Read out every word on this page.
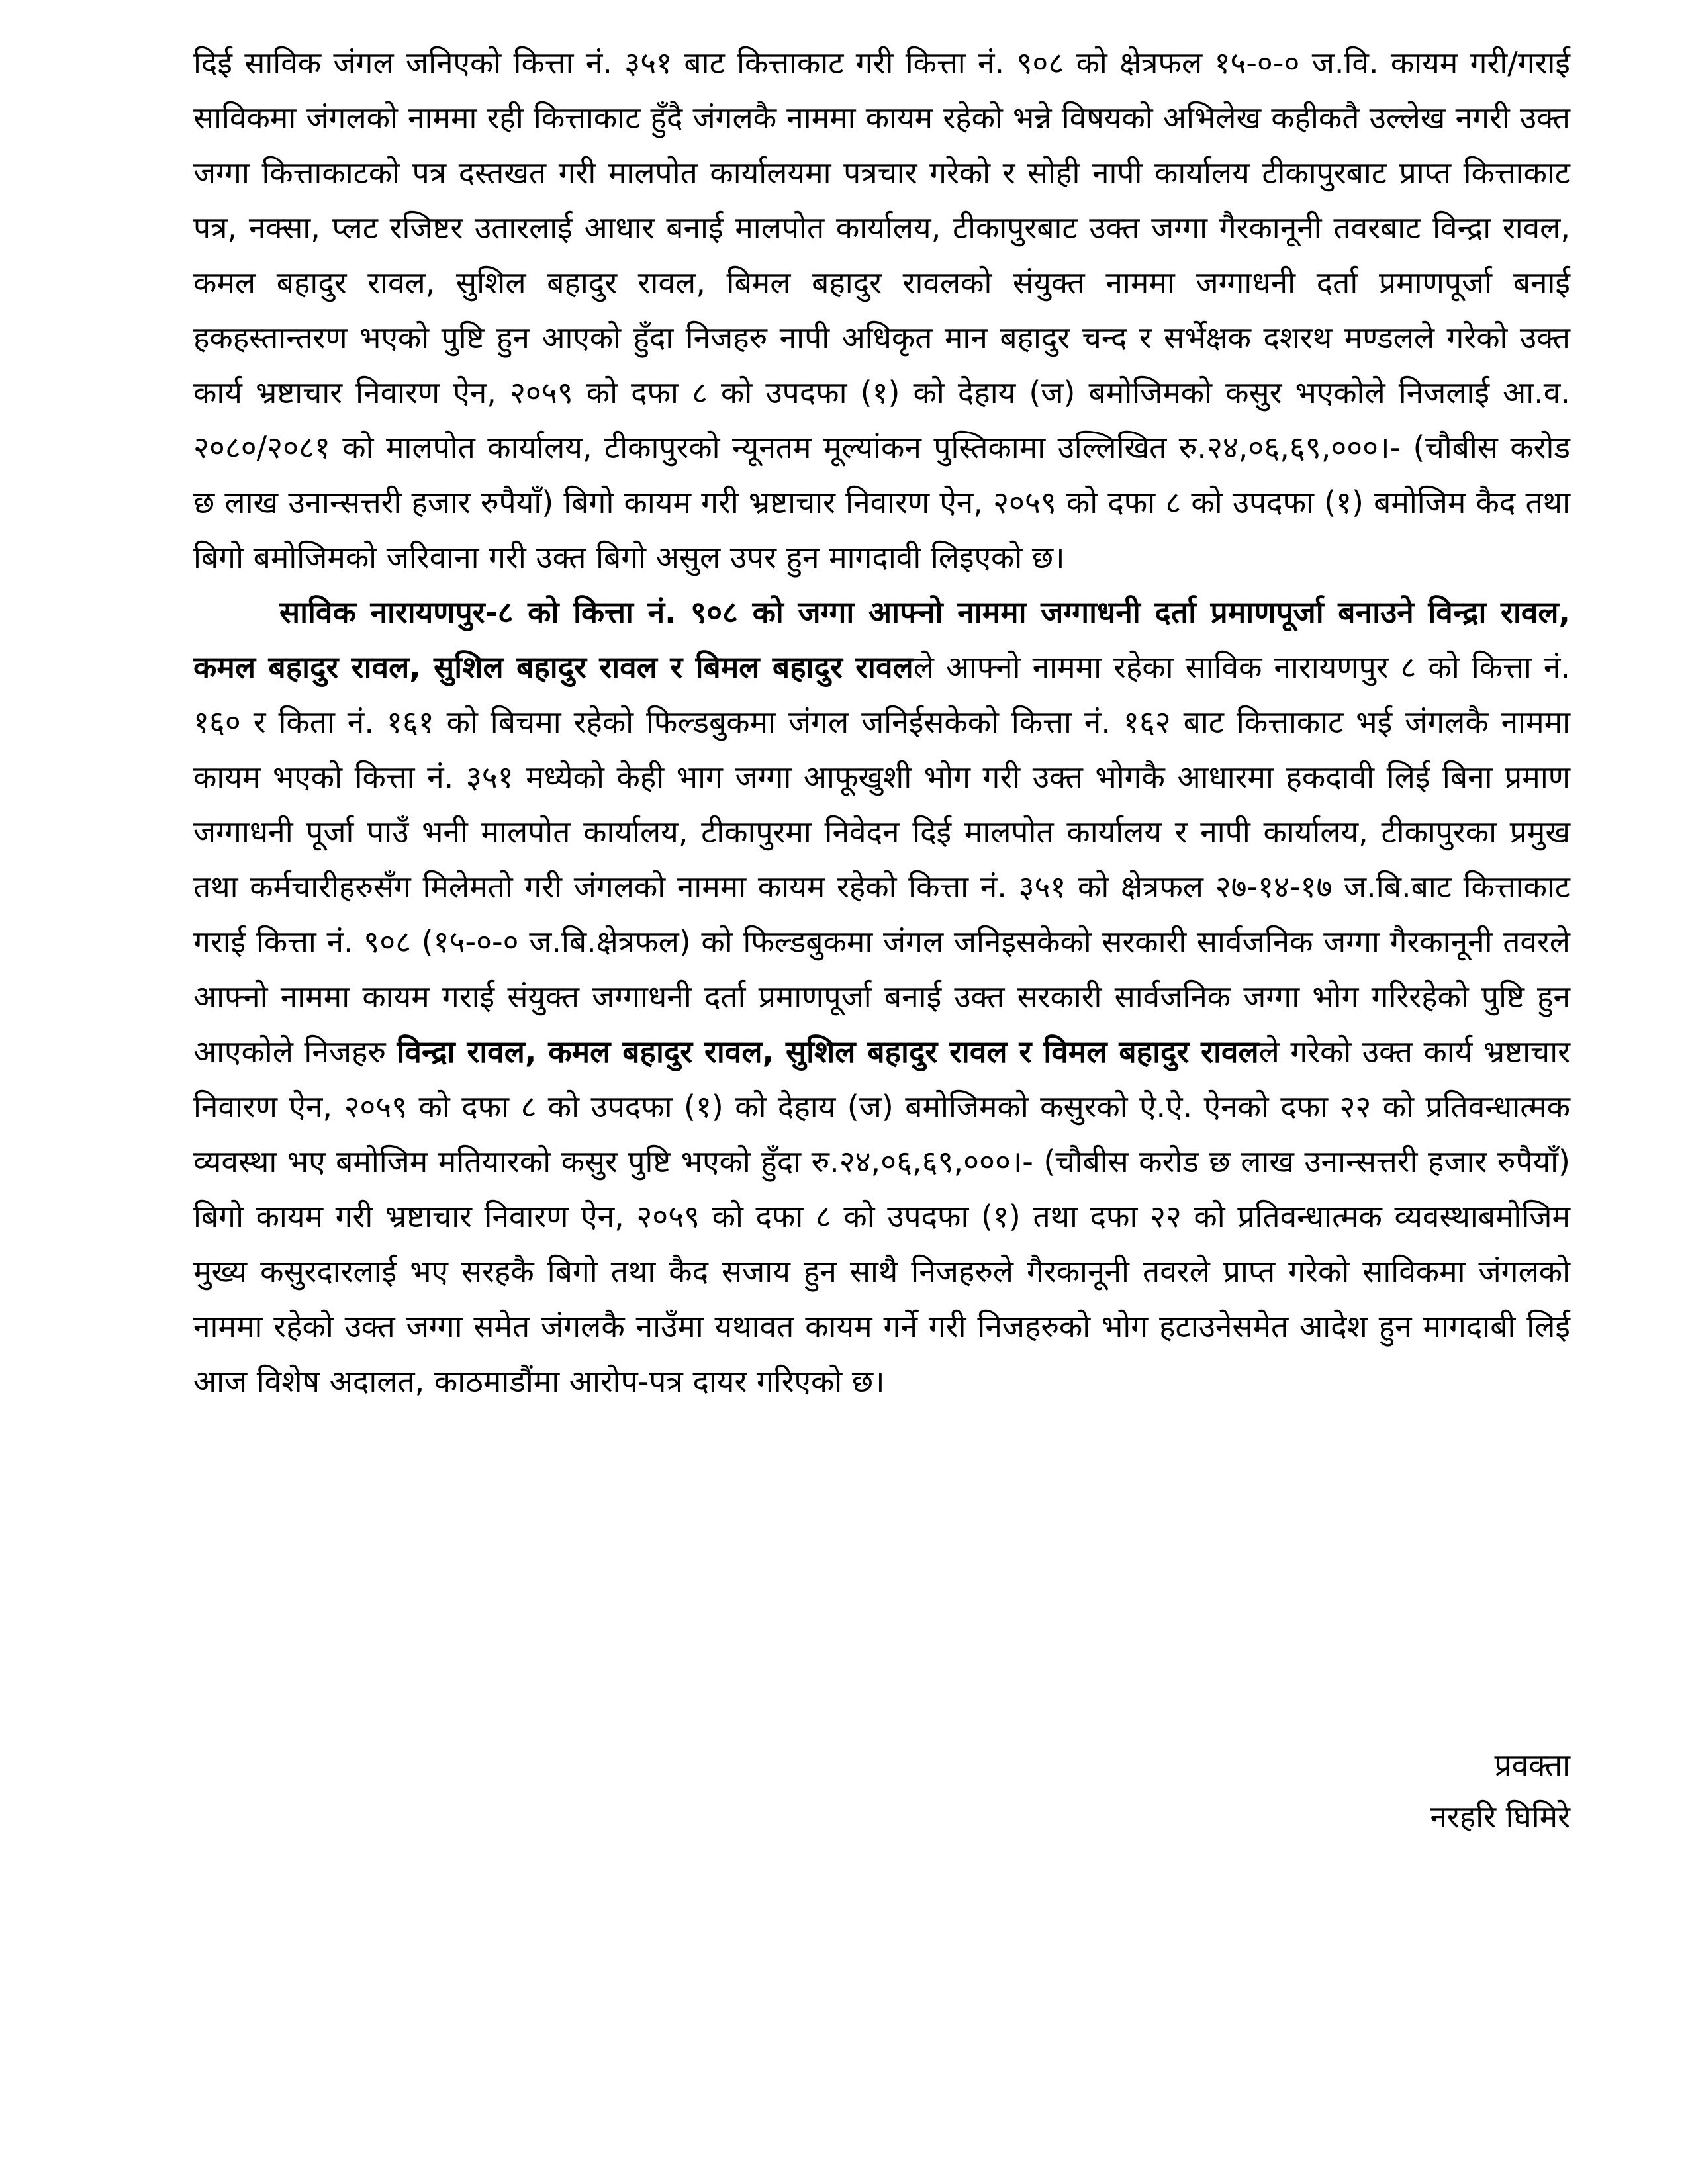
दिई साविक जंगल जनिएको कित्ता नं. ३५१ बाट कित्ताकाट गरी कित्ता नं. ९०८ को क्षेत्रफल १५-०-० ज.वि. कायम गरी/गराई साविकमा जंगलको नाममा रही कित्ताकाट हुँदै जंगलकै नाममा कायम रहेको भन्ने विषयको अभिलेख कहीकतै उल्लेख नगरी उक्त जग्गा कित्ताकाटको पत्र दस्तखत गरी मालपोत कार्यालयमा पत्रचार गरेको र सोही नापी कार्यालय टीकापुरबाट प्राप्त कित्ताकाट पत्र, नक्सा, प्लट रजिष्टर उतारलाई आधार बनाई मालपोत कार्यालय, टीकापुरबाट उक्त जग्गा गैरकानूनी तवरबाट विन्द्रा रावल, कमल बहादुर रावल, सुशिल बहादुर रावल, बिमल बहादुर रावलको संयुक्त नाममा जग्गाधनी दर्ता प्रमाणपूर्जा बनाई हकहस्तान्तरण भएको पुष्टि हुन आएको हुँदा निजहरु नापी अधिकृत मान बहादुर चन्द र सर्भेक्षक दशरथ मण्डलले गरेको उक्त कार्य भ्रष्टाचार निवारण ऐन, २०५९ को दफा ८ को उपदफा (१) को देहाय (ज) बमोजिमको कसुर भएकोले निजलाई आ.व. २०८०/२०८१ को मालपोत कार्यालय, टीकापुरको न्यूनतम मूल्यांकन पुस्तिकामा उल्लिखित रु.२४,०६,६९,०००।- (चौबीस करोड छ लाख उनान्सत्तरी हजार रुपैयाँ) बिगो कायम गरी भ्रष्टाचार निवारण ऐन, २०५९ को दफा ८ को उपदफा (१) बमोजिम कैद तथा बिगो बमोजिमको जरिवाना गरी उक्त बिगो असुल उपर हुन मागदावी लिइएको छ।

साविक नारायणपुर-८ को कित्ता नं. ९०८ को जग्गा आफ्नो नाममा जग्गाधनी दर्ता प्रमाणपूर्जा बनाउने विन्द्रा रावल, कमल बहादुर रावल, सुशिल बहादुर रावल र बिमल बहादुर रावलले आफ्नो नाममा रहेका साविक नारायणपुर ८ को कित्ता नं. १६० र किता नं. १६१ को बिचमा रहेको फिल्डबुकमा जंगल जनिईसकेको कित्ता नं. १६२ बाट कित्ताकाट भई जंगलकै नाममा कायम भएको कित्ता नं. ३५१ मध्येको केही भाग जग्गा आफूखुशी भोग गरी उक्त भोगकै आधारमा हकदावी लिई बिना प्रमाण जग्गाधनी पूर्जा पाउँ भनी मालपोत कार्यालय, टीकापुरमा निवेदन दिई मालपोत कार्यालय र नापी कार्यालय, टीकापुरका प्रमुख तथा कर्मचारीहरुसँग मिलेमतो गरी जंगलको नाममा कायम रहेको कित्ता नं. ३५१ को क्षेत्रफल २७-१४-१७ ज.बि.बाट कित्ताकाट गराई कित्ता नं. ९०८ (१५-०-० ज.बि.क्षेत्रफल) को फिल्डबुकमा जंगल जनिइसकेको सरकारी सार्वजनिक जग्गा गैरकानूनी तवरले आफ्नो नाममा कायम गराई संयुक्त जग्गाधनी दर्ता प्रमाणपूर्जा बनाई उक्त सरकारी सार्वजनिक जग्गा भोग गरिरहेको पुष्टि हुन आएकोले निजहरु विन्द्रा रावल, कमल बहादुर रावल, सुशिल बहादुर रावल र विमल बहादुर रावलले गरेको उक्त कार्य भ्रष्टाचार निवारण ऐन, २०५९ को दफा ८ को उपदफा (१) को देहाय (ज) बमोजिमको कसुरको ऐ.ऐ. ऐनको दफा २२ को प्रतिवन्धात्मक व्यवस्था भए बमोजिम मतियारको कसुर पुष्टि भएको हुँदा रु.२४,०६,६९,०००।- (चौबीस करोड छ लाख उनान्सत्तरी हजार रुपैयाँ) बिगो कायम गरी भ्रष्टाचार निवारण ऐन, २०५९ को दफा ८ को उपदफा (१) तथा दफा २२ को प्रतिवन्धात्मक व्यवस्थाबमोजिम मुख्य कसुरदारलाई भए सरहकै बिगो तथा कैद सजाय हुन साथै निजहरुले गैरकानूनी तवरले प्राप्त गरेको साविकमा जंगलको नाममा रहेको उक्त जग्गा समेत जंगलकै नाउँमा यथावत कायम गर्ने गरी निजहरुको भोग हटाउनेसमेत आदेश हुन मागदाबी लिई आज विशेष अदालत, काठमाडौंमा आरोप-पत्र दायर गरिएको छ।

प्रवक्ता
नरहरि घिमिरे
